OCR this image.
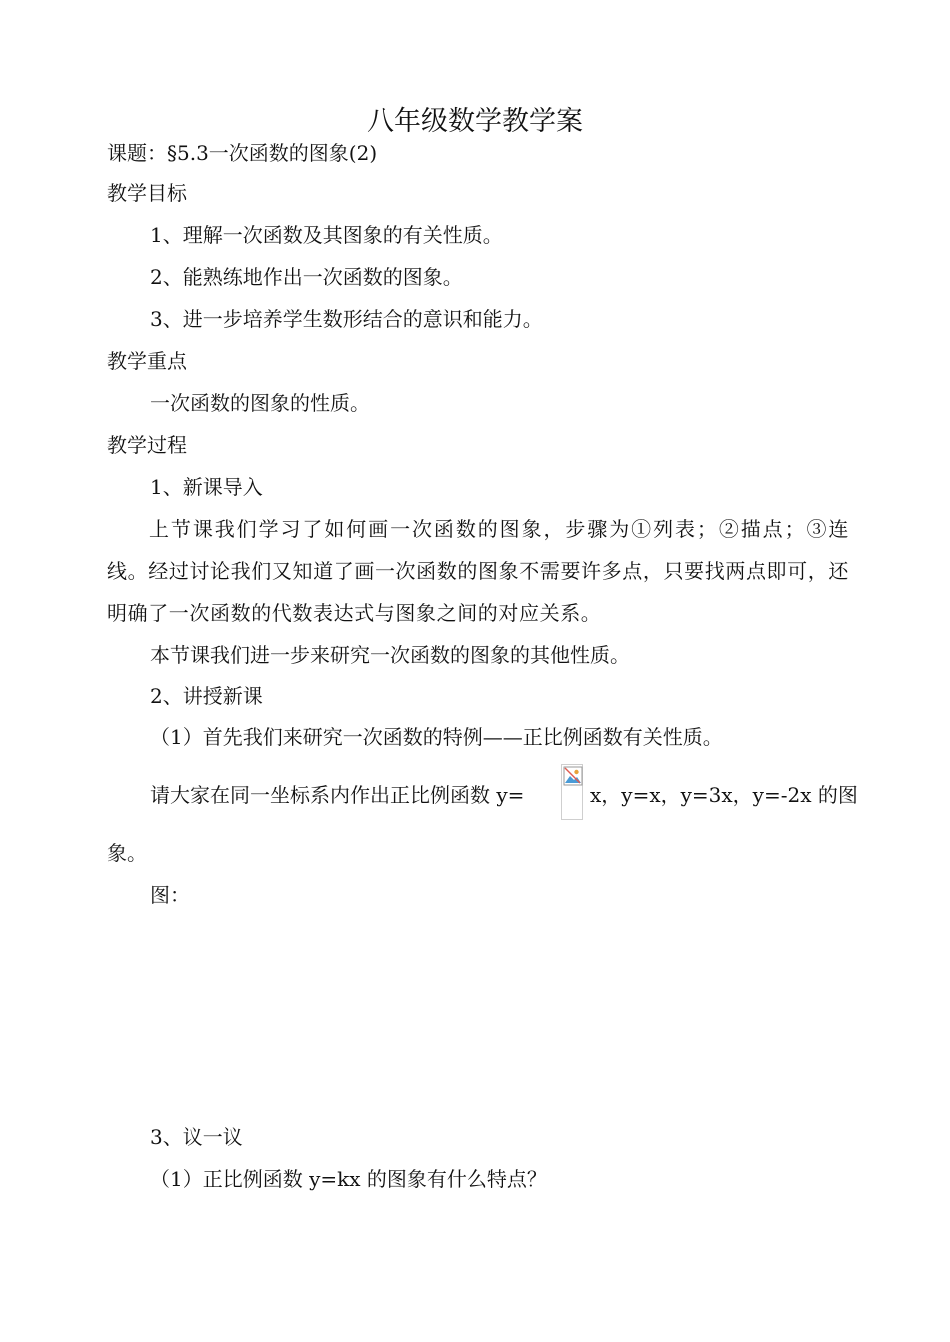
八年级数学教学案
课题：§5.3一次函数的图象(2)
教学目标
1、理解一次函数及其图象的有关性质。
2、能熟练地作出一次函数的图象。
3、进一步培养学生数形结合的意识和能力。
教学重点
一次函数的图象的性质。
教学过程
1、新课导入
上节课我们学习了如何画一次函数的图象，步骤为①列表；②描点；③连线。经过讨论我们又知道了画一次函数的图象不需要许多点，只要找两点即可，还明确了一次函数的代数表达式与图象之间的对应关系。
本节课我们进一步来研究一次函数的图象的其他性质。
2、讲授新课
（1）首先我们来研究一次函数的特例——正比例函数有关性质。
请大家在同一坐标系内作出正比例函数 y=	x，y=x，y=3x，y=-2x 的图
象。
图：
3、议一议
（1）正比例函数 y=kx 的图象有什么特点？
